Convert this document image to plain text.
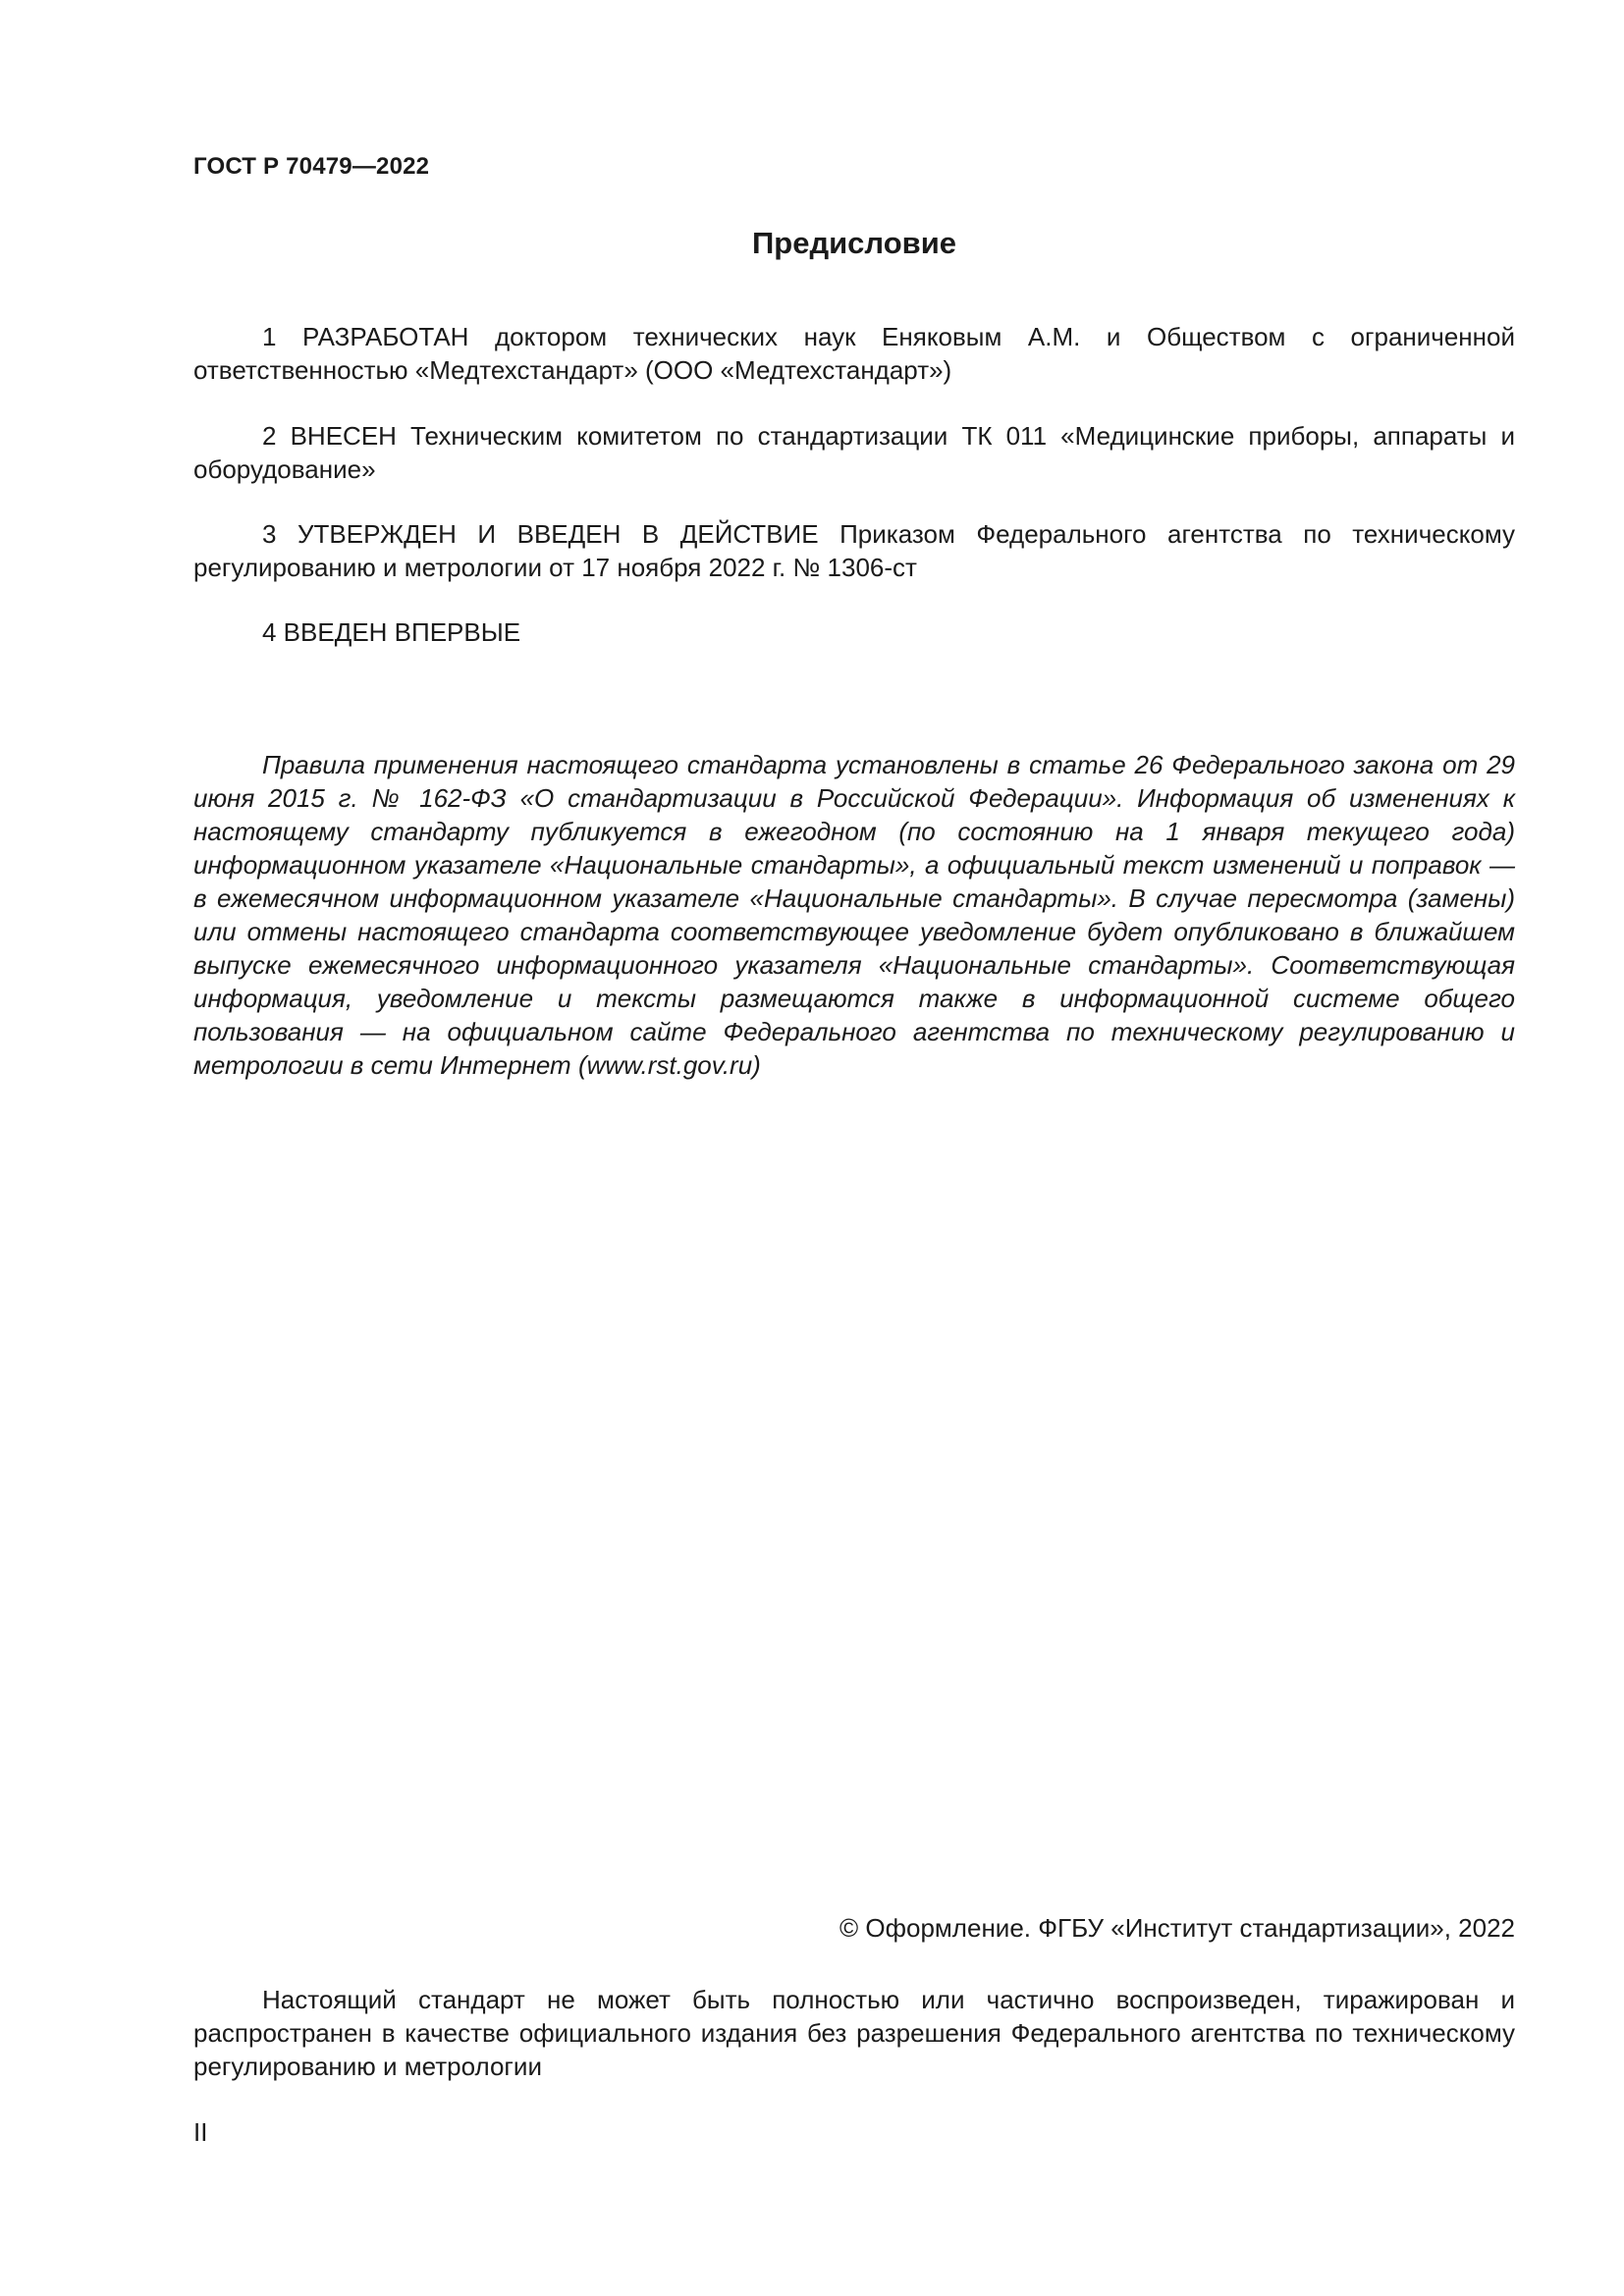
ГОСТ Р 70479—2022
Предисловие

1 РАЗРАБОТАН доктором технических наук Еняковым А.М. и Обществом с ограниченной ответственностью «Медтехстандарт» (ООО «Медтехстандарт»)

2 ВНЕСЕН Техническим комитетом по стандартизации ТК 011 «Медицинские приборы, аппараты и оборудование»

3 УТВЕРЖДЕН И ВВЕДЕН В ДЕЙСТВИЕ Приказом Федерального агентства по техническому регулированию и метрологии от 17 ноября 2022 г. № 1306-ст

4 ВВЕДЕН ВПЕРВЫЕ

Правила применения настоящего стандарта установлены в статье 26 Федерального закона от 29 июня 2015 г. № 162-ФЗ «О стандартизации в Российской Федерации». Информация об изменениях к настоящему стандарту публикуется в ежегодном (по состоянию на 1 января текущего года) информационном указателе «Национальные стандарты», а официальный текст изменений и поправок — в ежемесячном информационном указателе «Национальные стандарты». В случае пересмотра (замены) или отмены настоящего стандарта соответствующее уведомление будет опубликовано в ближайшем выпуске ежемесячного информационного указателя «Национальные стандарты». Соответствующая информация, уведомление и тексты размещаются также в информационной системе общего пользования — на официальном сайте Федерального агентства по техническому регулированию и метрологии в сети Интернет (www.rst.gov.ru)

© Оформление. ФГБУ «Институт стандартизации», 2022

Настоящий стандарт не может быть полностью или частично воспроизведен, тиражирован и распространен в качестве официального издания без разрешения Федерального агентства по техническому регулированию и метрологии

II
